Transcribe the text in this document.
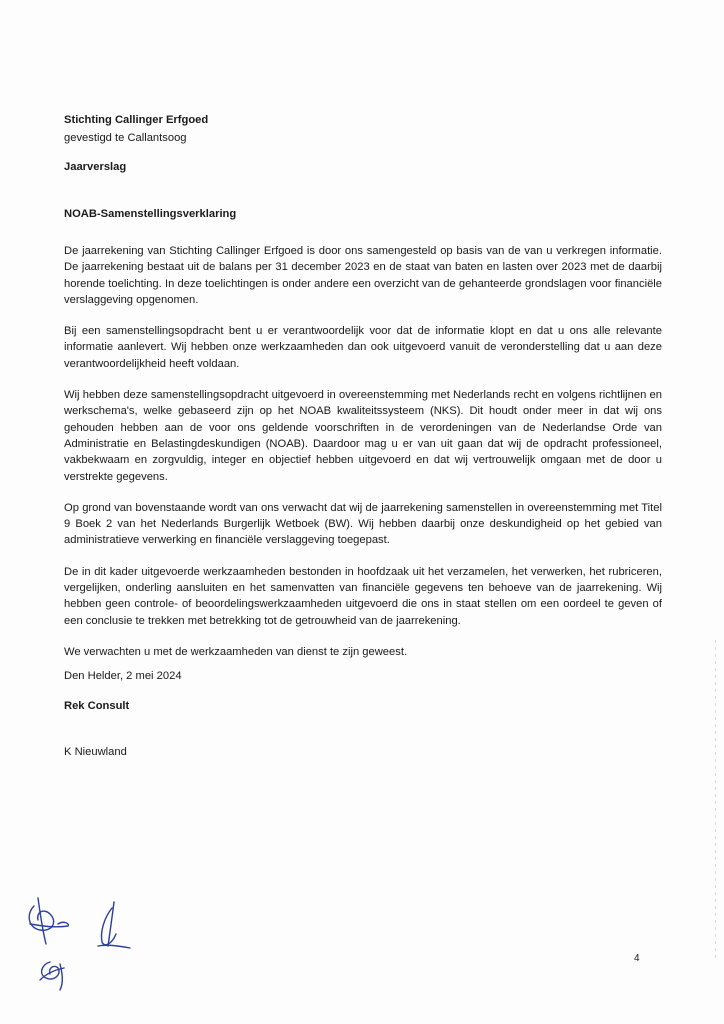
Stichting Callinger Erfgoed
gevestigd te Callantsoog
Jaarverslag
NOAB-Samenstellingsverklaring

De jaarrekening van Stichting Callinger Erfgoed is door ons samengesteld op basis van de van u verkregen informatie. De jaarrekening bestaat uit de balans per 31 december 2023 en de staat van baten en lasten over 2023 met de daarbij horende toelichting. In deze toelichtingen is onder andere een overzicht van de gehanteerde grondslagen voor financiële verslaggeving opgenomen.

Bij een samenstellingsopdracht bent u er verantwoordelijk voor dat de informatie klopt en dat u ons alle relevante informatie aanlevert. Wij hebben onze werkzaamheden dan ook uitgevoerd vanuit de veronderstelling dat u aan deze verantwoordelijkheid heeft voldaan.

Wij hebben deze samenstellingsopdracht uitgevoerd in overeenstemming met Nederlands recht en volgens richtlijnen en werkschema's, welke gebaseerd zijn op het NOAB kwaliteitssysteem (NKS). Dit houdt onder meer in dat wij ons gehouden hebben aan de voor ons geldende voorschriften in de verordeningen van de Nederlandse Orde van Administratie en Belastingdeskundigen (NOAB). Daardoor mag u er van uit gaan dat wij de opdracht professioneel, vakbekwaam en zorgvuldig, integer en objectief hebben uitgevoerd en dat wij vertrouwelijk omgaan met de door u verstrekte gegevens.

Op grond van bovenstaande wordt van ons verwacht dat wij de jaarrekening samenstellen in overeenstemming met Titel 9 Boek 2 van het Nederlands Burgerlijk Wetboek (BW). Wij hebben daarbij onze deskundigheid op het gebied van administratieve verwerking en financiële verslaggeving toegepast.

De in dit kader uitgevoerde werkzaamheden bestonden in hoofdzaak uit het verzamelen, het verwerken, het rubriceren, vergelijken, onderling aansluiten en het samenvatten van financiële gegevens ten behoeve van de jaarrekening. Wij hebben geen controle- of beoordelingswerkzaamheden uitgevoerd die ons in staat stellen om een oordeel te geven of een conclusie te trekken met betrekking tot de getrouwheid van de jaarrekening.

We verwachten u met de werkzaamheden van dienst te zijn geweest.

Den Helder, 2 mei 2024
Rek Consult
K Nieuwland
4
